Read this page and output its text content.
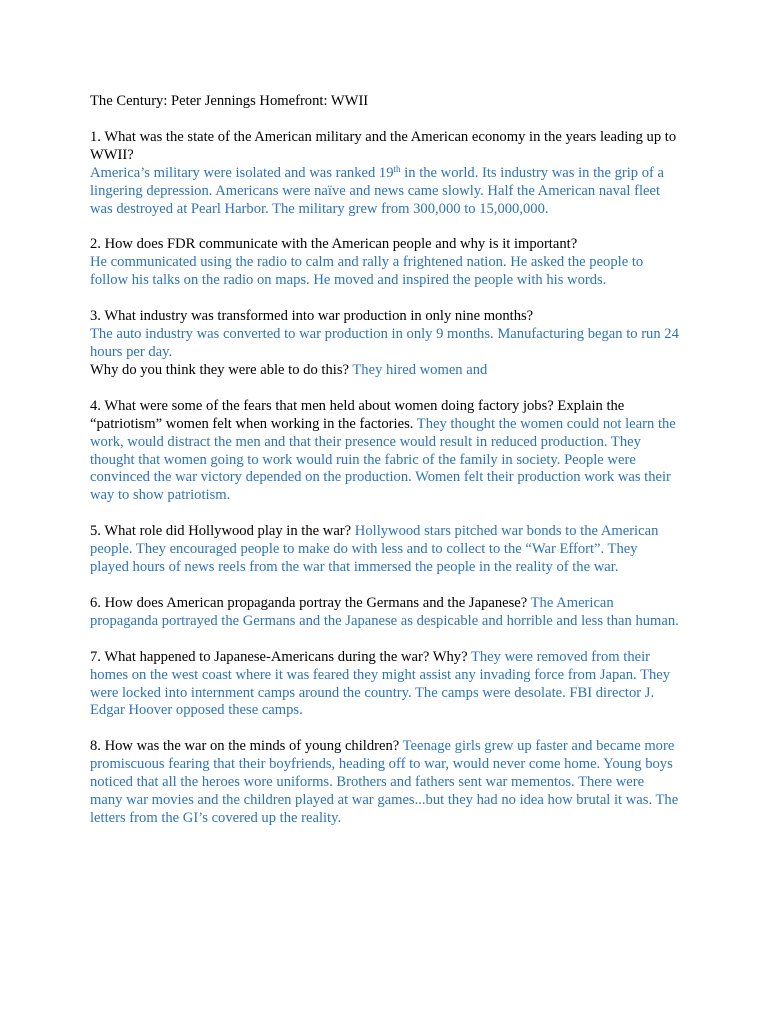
The Century: Peter Jennings Homefront: WWII
1. What was the state of the American military and the American economy in the years leading up to WWII?
America’s military were isolated and was ranked 19th in the world. Its industry was in the grip of a lingering depression. Americans were naïve and news came slowly. Half the American naval fleet was destroyed at Pearl Harbor. The military grew from 300,000 to 15,000,000.
2. How does FDR communicate with the American people and why is it important?
He communicated using the radio to calm and rally a frightened nation. He asked the people to follow his talks on the radio on maps. He moved and inspired the people with his words.
3. What industry was transformed into war production in only nine months?
The auto industry was converted to war production in only 9 months. Manufacturing began to run 24 hours per day.
Why do you think they were able to do this? They hired women and
4. What were some of the fears that men held about women doing factory jobs? Explain the “patriotism” women felt when working in the factories. They thought the women could not learn the work, would distract the men and that their presence would result in reduced production. They thought that women going to work would ruin the fabric of the family in society. People were convinced the war victory depended on the production. Women felt their production work was their way to show patriotism.
5. What role did Hollywood play in the war? Hollywood stars pitched war bonds to the American people. They encouraged people to make do with less and to collect to the “War Effort”. They played hours of news reels from the war that immersed the people in the reality of the war.
6. How does American propaganda portray the Germans and the Japanese? The American propaganda portrayed the Germans and the Japanese as despicable and horrible and less than human.
7. What happened to Japanese-Americans during the war? Why? They were removed from their homes on the west coast where it was feared they might assist any invading force from Japan. They were locked into internment camps around the country. The camps were desolate. FBI director J. Edgar Hoover opposed these camps.
8. How was the war on the minds of young children? Teenage girls grew up faster and became more promiscuous fearing that their boyfriends, heading off to war, would never come home. Young boys noticed that all the heroes wore uniforms. Brothers and fathers sent war mementos. There were many war movies and the children played at war games...but they had no idea how brutal it was. The letters from the GI’s covered up the reality.
